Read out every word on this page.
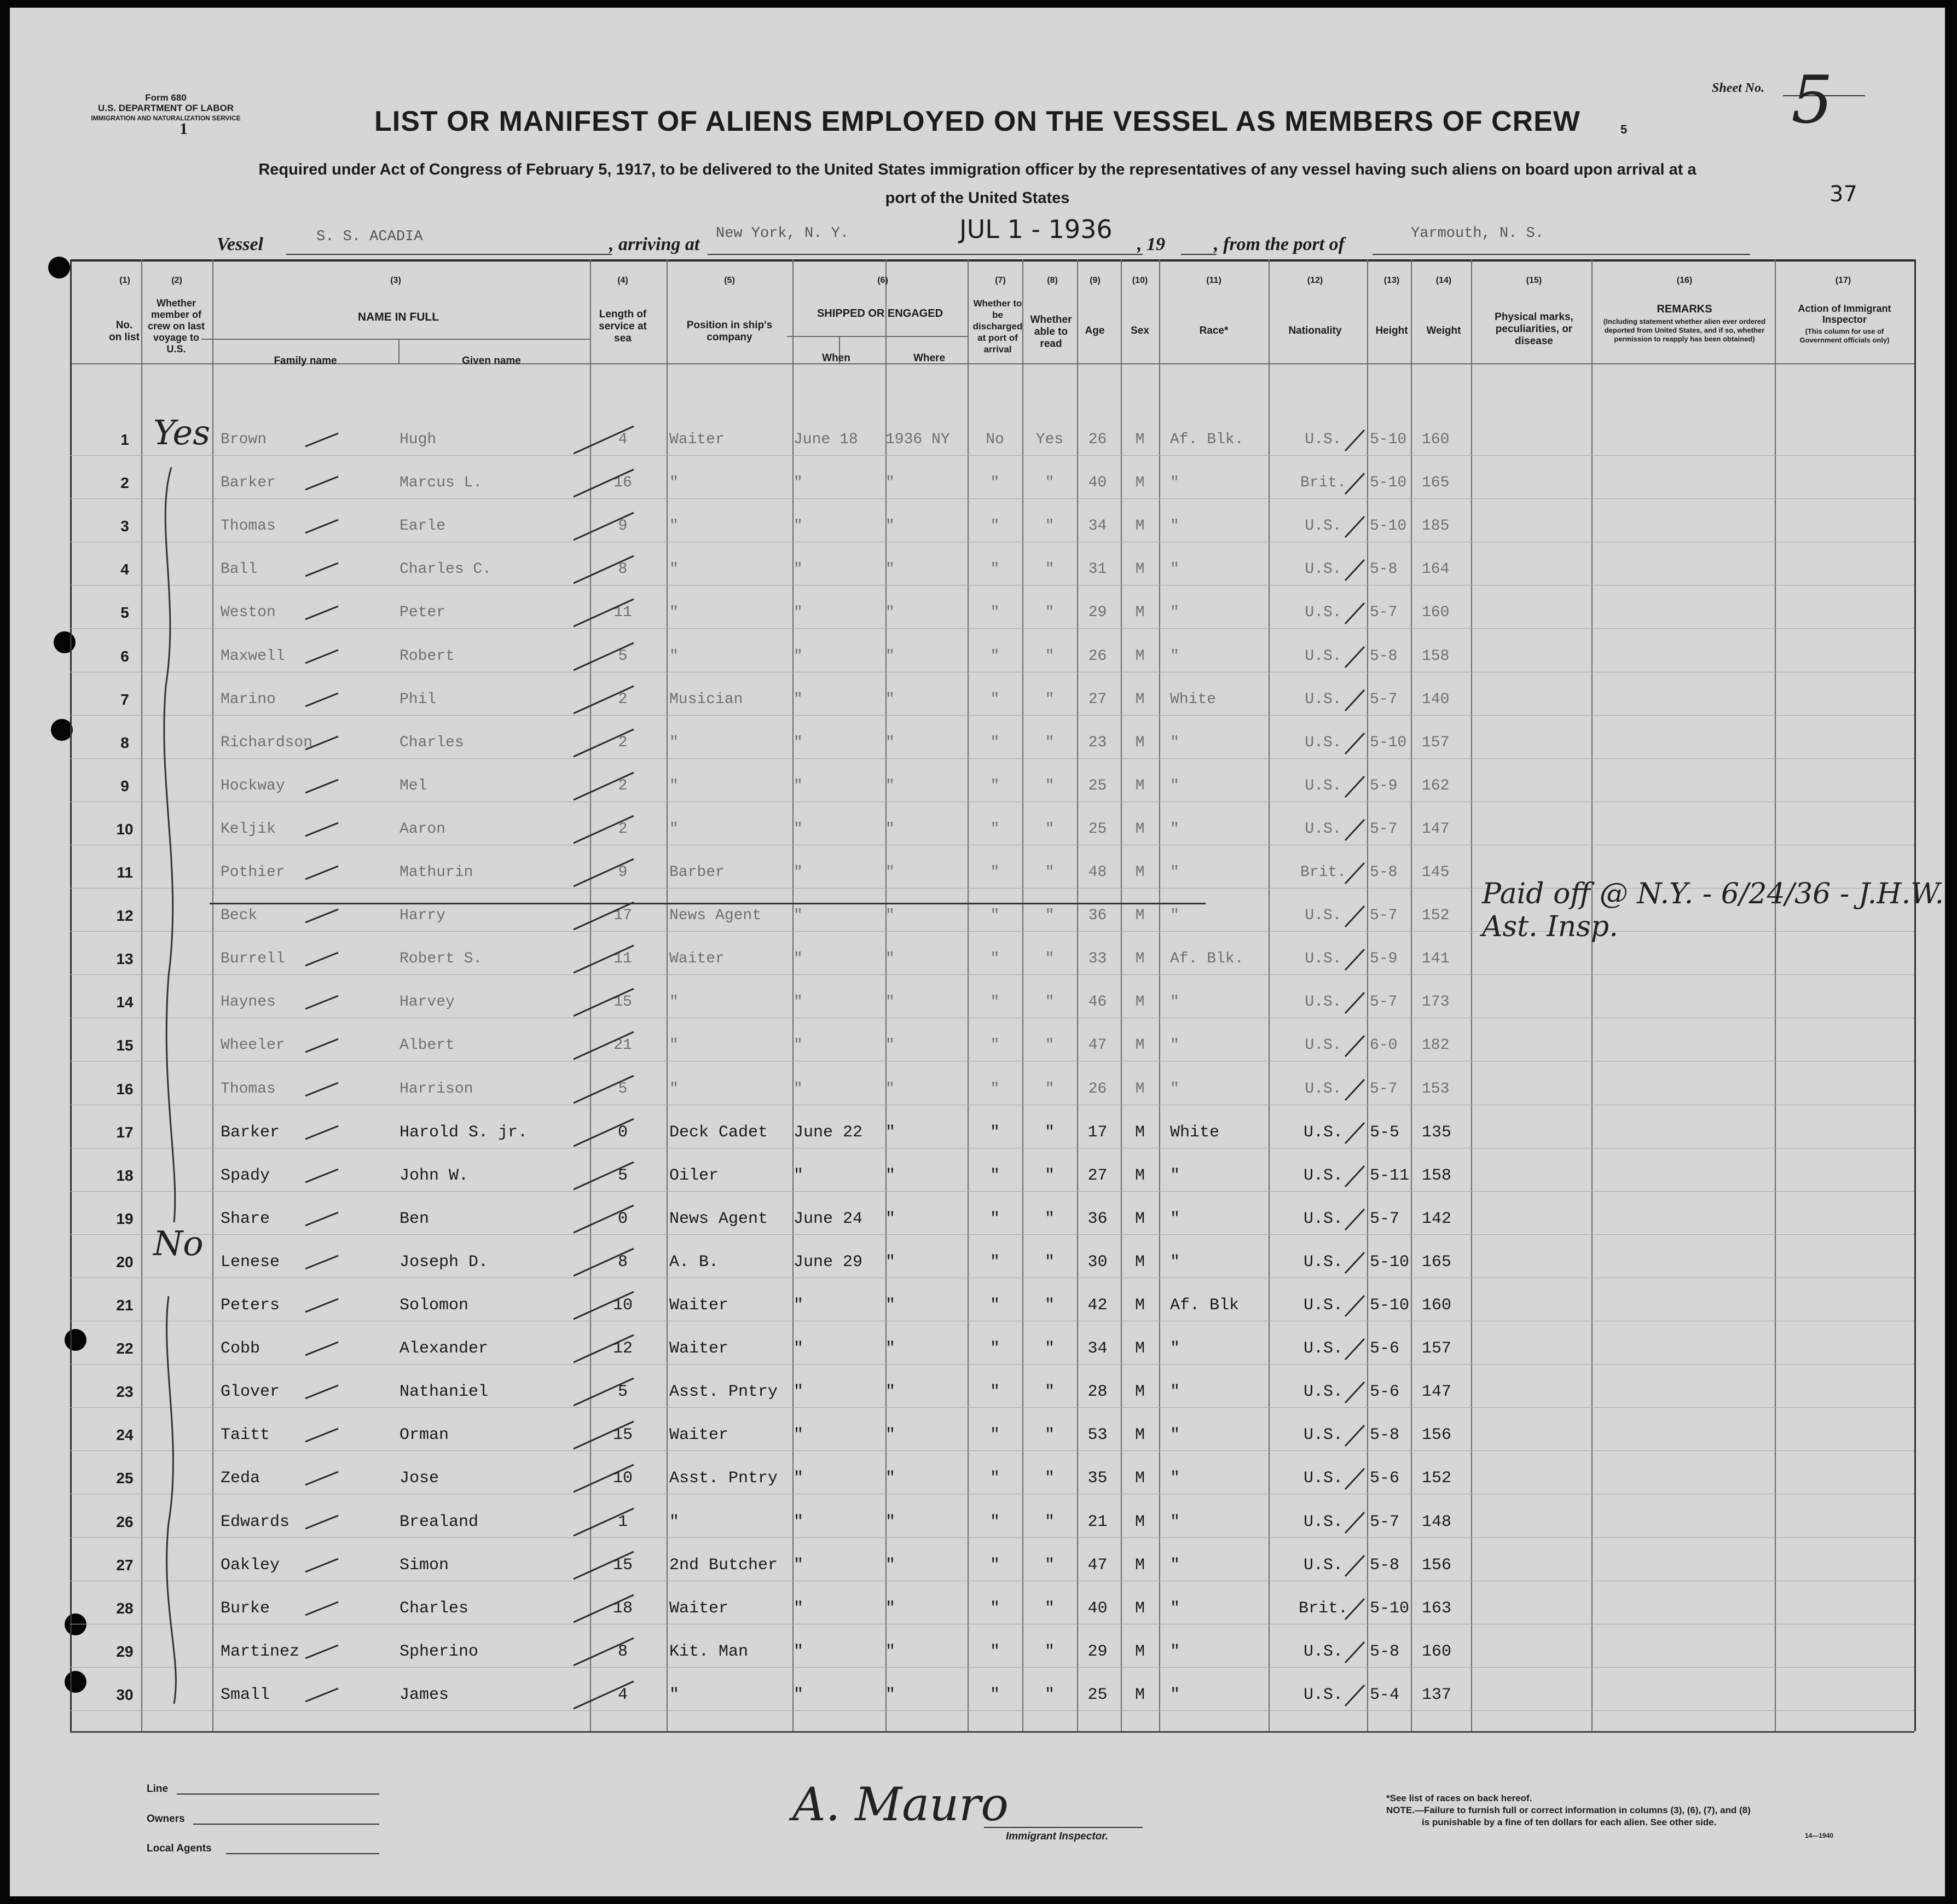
Form 680
U.S. DEPARTMENT OF LABOR
IMMIGRATION AND NATURALIZATION SERVICE
1	LIST OR MANIFEST OF ALIENS EMPLOYED ON THE VESSEL AS MEMBERS OF CREW	5
Required under Act of Congress of February 5, 1917, to be delivered to the United States immigration officer by the representatives of any vessel having such aliens on board upon arrival at a
port of the United States
Sheet No. 5
37
Vessel	S. S. ACADIA	, arriving at
New York, N. Y.	JUL 1 - 1936
, 19	, from the port of
Yarmouth, N. S.
(1)
No. on list
(2)
Whether member of crew on last voyage to U.S.
(3)
NAME IN FULL
Family name	Given name
(4)
Length of service at sea
(5)
Position in ship's company
(6)
SHIPPED OR ENGAGED
When	Where
(7)
Whether to be discharged at port of arrival
(8)
Whether able to read
(9)
Age
(10)
Sex
(11)
Race*
(12)
Nationality
(13)
Height
(14)
Weight
(15)
Physical marks, peculiarities, or disease
(16)
REMARKS
(Including statement whether alien ever ordered deported from United States, and if so, whether permission to reapply has been obtained)
(17)
Action of Immigrant Inspector
(This column for use of Government officials only)
1	Brown	Hugh	4	Waiter	June 18	1936 NY	No	Yes	26	M	Af. Blk.	U.S.	5-10 160
2	Barker	Marcus L.	16	"	"	"	"	"	40	M	"	Brit.	5-10 165
3	Thomas	Earle	9	"	"	"	"	"	34	M	"	U.S.	5-10 185
4	Ball	Charles C.	8	"	"	"	"	"	31	M	"	U.S.	5-8	164
5	Weston	Peter	11	"	"	"	"	"	29	M	"	U.S.	5-7	160
6	Maxwell	Robert	5	"	"	"	"	"	26	M	"	U.S.	5-8	158
7	Marino	Phil	2	Musician	"	"	"	"	27	M	White	U.S.	5-7	140
8	Richardson	Charles	2	"	"	"	"	"	23	M	"	U.S.	5-10 157
9	Hockway	Mel	2	"	"	"	"	"	25	M	"	U.S.	5-9	162
10	Keljik	Aaron	2	"	"	"	"	"	25	M	"	U.S.	5-7	147
11	Pothier	Mathurin	9	Barber	"	"	"	"	48	M	"	Brit.	5-8	145
12	Beck	Harry	17	News Agent	"	"	"	"	36	M	"	U.S.	5-7	152
13	Burrell	Robert S.	11	Waiter	"	"	"	"	33	M	Af. Blk.	U.S.	5-9	141
14	Haynes	Harvey	15	"	"	"	"	"	46	M	"	U.S.	5-7	173
15	Wheeler	Albert	21	"	"	"	"	"	47	M	"	U.S.	6-0	182
16	Thomas	Harrison	5	"	"	"	"	"	26	M	"	U.S.	5-7	153
17	Barker	Harold S. jr.	0	Deck Cadet	June 22	"	"	"	17	M	White	U.S.	5-5	135
18	Spady	John W.	5	Oiler	"	"	"	"	27	M	"	U.S.	5-11 158
19	Share	Ben	0	News Agent	June 24	"	"	"	36	M	"	U.S.	5-7	142
20	Lenese	Joseph D.	8	A. B.	June 29	"	"	"	30	M	"	U.S.	5-10 165
21	Peters	Solomon	10	Waiter	"	"	"	"	42	M	Af. Blk	U.S.	5-10 160
22	Cobb	Alexander	12	Waiter	"	"	"	"	34	M	"	U.S.	5-6	157
23	Glover	Nathaniel	5	Asst. Pntry "	"	"	"	28	M	"	U.S.	5-6	147
24	Taitt	Orman	15	Waiter	"	"	"	"	53	M	"	U.S.	5-8	156
25	Zeda	Jose	10	Asst. Pntry "	"	"	"	35	M	"	U.S.	5-6	152
26	Edwards	Brealand	1	"	"	"	"	"	21	M	"	U.S.	5-7	148
27	Oakley	Simon	15	2nd Butcher "	"	"	"	47	M	"	U.S.	5-8	156
28	Burke	Charles	18	Waiter	"	"	"	"	40	M	"	Brit.	5-10 163
29	Martinez	Spherino	8	Kit. Man	"	"	"	"	29	M	"	U.S.	5-8	160
30	Small	James	4	"	"	"	"	"	25	M	"	U.S.	5-4	137
Yes
No
Paid off @ N.Y. - 6/24/36 - J.H.W. Ast. Insp.
Line
Owners
Local Agents
A. Mauro
Immigrant Inspector.
*See list of races on back hereof.
NOTE.—Failure to furnish full or correct information in columns (3), (6), (7), and (8)
is punishable by a fine of ten dollars for each alien. See other side.
14—1940
